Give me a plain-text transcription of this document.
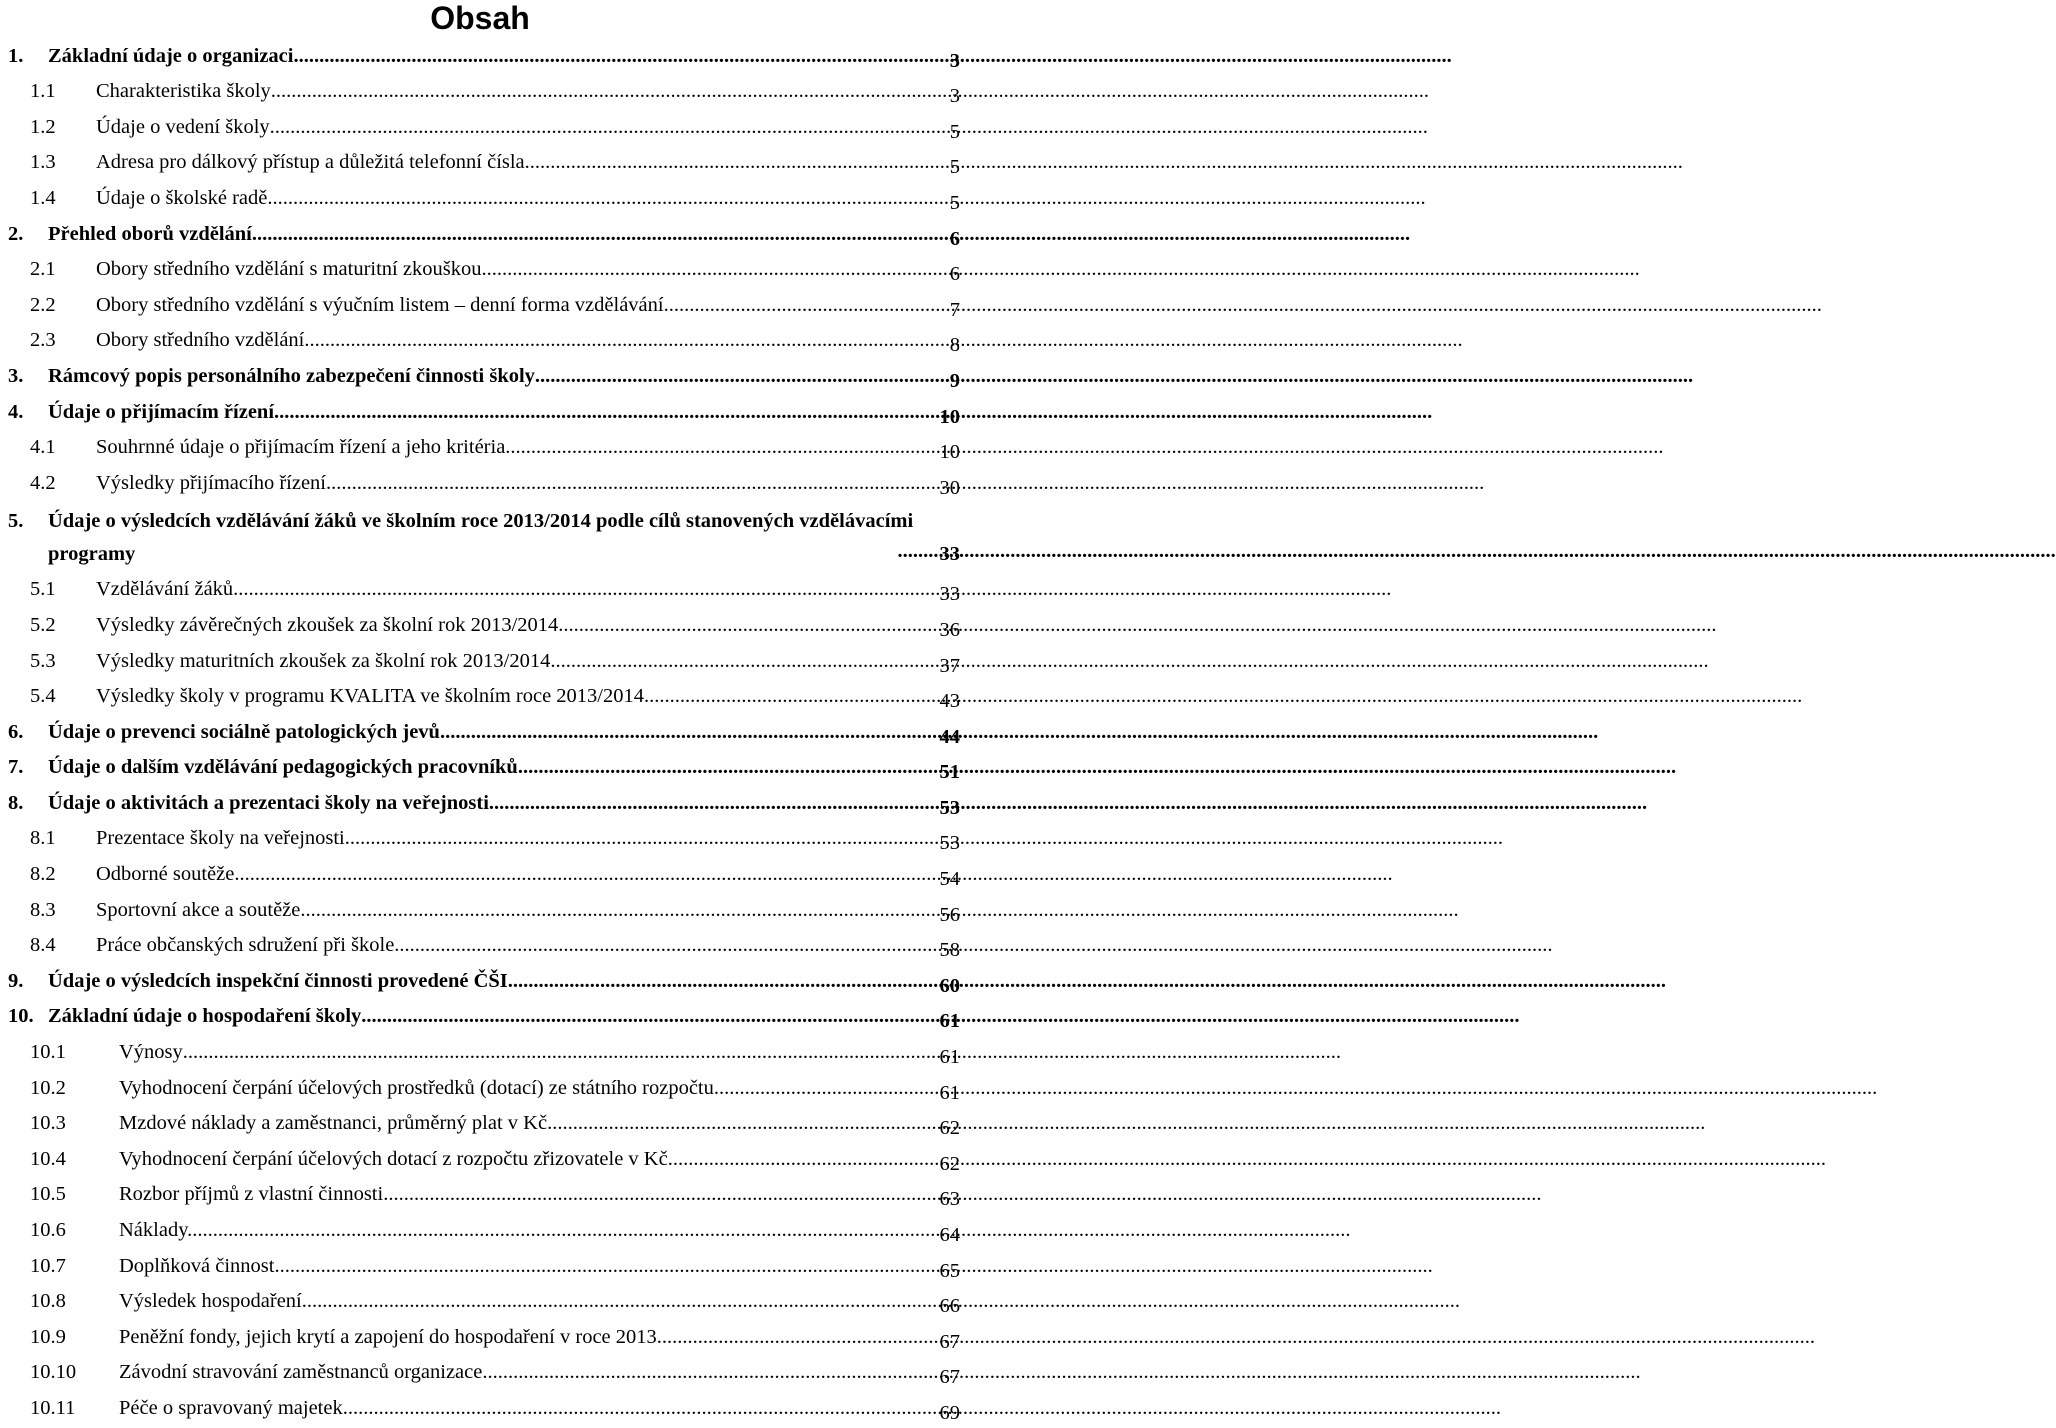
Obsah
1.	Základní údaje o organizaci .....	3
1.1	Charakteristika školy .....	3
1.2	Údaje o vedení školy .....	5
1.3	Adresa pro dálkový přístup a důležitá telefonní čísla .....	5
1.4	Údaje o školské radě .....	5
2.	Přehled oborů vzdělání .....	6
2.1	Obory středního vzdělání s maturitní zkouškou .....	6
2.2	Obory středního vzdělání s výučním listem – denní forma vzdělávání .....	7
2.3	Obory středního vzdělání .....	8
3.	Rámcový popis personálního zabezpečení činnosti školy .....	9
4.	Údaje o přijímacím řízení .....	10
4.1	Souhrnné údaje o přijímacím řízení a jeho kritéria .....	10
4.2	Výsledky přijímacího řízení .....	30
5.	Údaje o výsledcích vzdělávání žáků ve školním roce 2013/2014 podle cílů stanovených vzdělávacími programy .....	33
5.1	Vzdělávání žáků .....	33
5.2	Výsledky závěrečných zkoušek za školní rok 2013/2014 .....	36
5.3	Výsledky maturitních zkoušek za školní rok 2013/2014 .....	37
5.4	Výsledky školy v programu KVALITA ve školním roce 2013/2014 .....	43
6.	Údaje o prevenci sociálně patologických jevů .....	44
7.	Údaje o dalším vzdělávání pedagogických pracovníků .....	51
8.	Údaje o aktivitách a prezentaci školy na veřejnosti .....	53
8.1	Prezentace školy na veřejnosti .....	53
8.2	Odborné soutěže .....	54
8.3	Sportovní akce a soutěže .....	56
8.4	Práce občanských sdružení při škole .....	58
9.	Údaje o výsledcích inspekční činnosti provedené ČŠI .....	60
10. Základní údaje o hospodaření školy .....	61
10.1	Výnosy .....	61
10.2	Vyhodnocení čerpání účelových prostředků (dotací) ze státního rozpočtu. .....	61
10.3	Mzdové náklady a zaměstnanci, průměrný plat v Kč .....	62
10.4	Vyhodnocení čerpání účelových dotací z rozpočtu zřizovatele v Kč .....	62
10.5	Rozbor příjmů z vlastní činnosti .....	63
10.6	Náklady. .....	64
10.7	Doplňková činnost .....	65
10.8	Výsledek hospodaření .....	66
10.9	Peněžní fondy, jejich krytí a zapojení do hospodaření v roce 2013 .....	67
10.10	Závodní stravování zaměstnanců organizace .....	67
10.11	Péče o spravovaný majetek .....	69
